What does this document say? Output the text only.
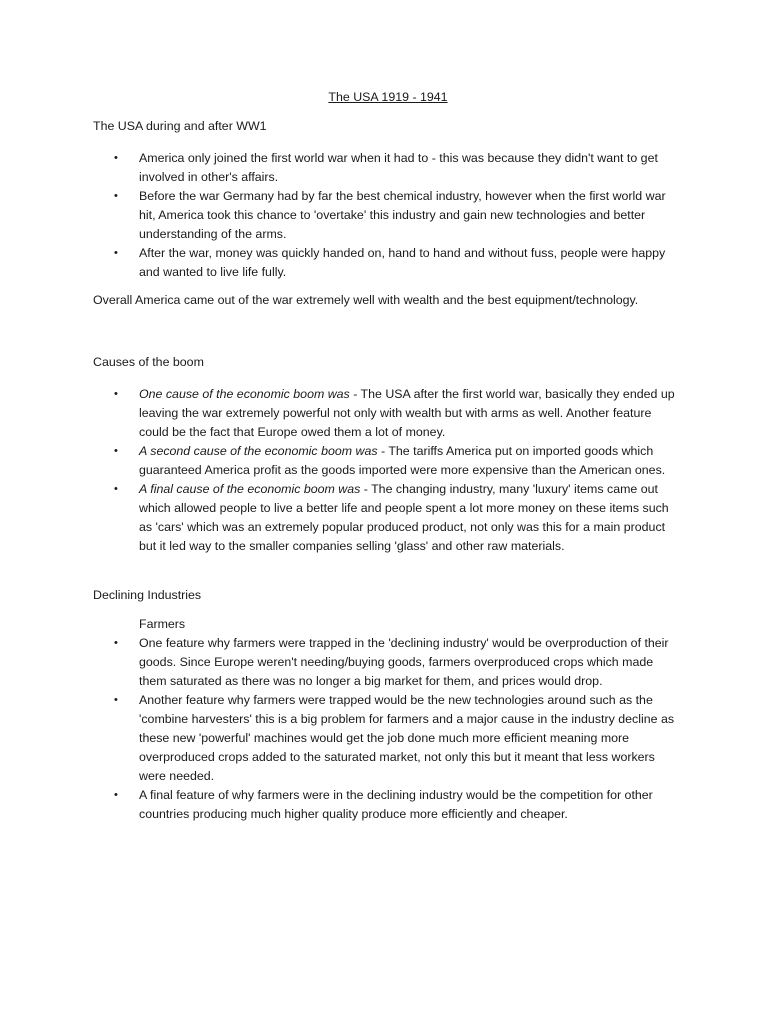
The USA 1919 - 1941
The USA during and after WW1
• America only joined the first world war when it had to - this was because they didn't want to get involved in other's affairs.
• Before the war Germany had by far the best chemical industry, however when the first world war hit, America took this chance to 'overtake' this industry and gain new technologies and better understanding of the arms.
• After the war, money was quickly handed on, hand to hand and without fuss, people were happy and wanted to live life fully.
Overall America came out of the war extremely well with wealth and the best equipment/technology.
Causes of the boom
• One cause of the economic boom was - The USA after the first world war, basically they ended up leaving the war extremely powerful not only with wealth but with arms as well. Another feature could be the fact that Europe owed them a lot of money.
• A second cause of the economic boom was - The tariffs America put on imported goods which guaranteed America profit as the goods imported were more expensive than the American ones.
• A final cause of the economic boom was - The changing industry, many 'luxury' items came out which allowed people to live a better life and people spent a lot more money on these items such as 'cars' which was an extremely popular produced product, not only was this for a main product but it led way to the smaller companies selling 'glass' and other raw materials.
Declining Industries
Farmers
• One feature why farmers were trapped in the 'declining industry' would be overproduction of their goods. Since Europe weren't needing/buying goods, farmers overproduced crops which made them saturated as there was no longer a big market for them, and prices would drop.
• Another feature why farmers were trapped would be the new technologies around such as the 'combine harvesters' this is a big problem for farmers and a major cause in the industry decline as these new 'powerful' machines would get the job done much more efficient meaning more overproduced crops added to the saturated market, not only this but it meant that less workers were needed.
• A final feature of why farmers were in the declining industry would be the competition for other countries producing much higher quality produce more efficiently and cheaper.
